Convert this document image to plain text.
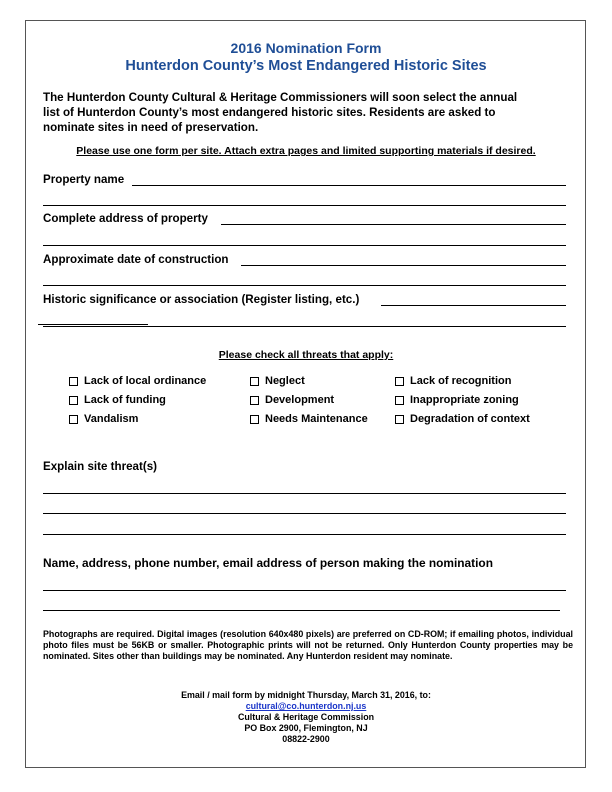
2016 Nomination Form
Hunterdon County’s Most Endangered Historic Sites
The Hunterdon County Cultural & Heritage Commissioners will soon select the annual
list of Hunterdon County’s most endangered historic sites. Residents are asked to
nominate sites in need of preservation.
Please use one form per site. Attach extra pages and limited supporting materials if desired.
Property name
Complete address of property
Approximate date of construction
Historic significance or association (Register listing, etc.)
Please check all threats that apply:
Lack of local ordinance
Lack of funding
Vandalism
Neglect
Development
Needs Maintenance
Lack of recognition
Inappropriate zoning
Degradation of context
Explain site threat(s)
Name, address, phone number, email address of person making the nomination
Photographs are required. Digital images (resolution 640x480 pixels) are preferred on CD-ROM; if emailing photos, individual photo files must be 56KB or smaller. Photographic prints will not be returned. Only Hunterdon County properties may be nominated. Sites other than buildings may be nominated. Any Hunterdon resident may nominate.
Email / mail form by midnight Thursday, March 31, 2016, to:
cultural@co.hunterdon.nj.us
Cultural & Heritage Commission
PO Box 2900, Flemington, NJ
08822-2900
